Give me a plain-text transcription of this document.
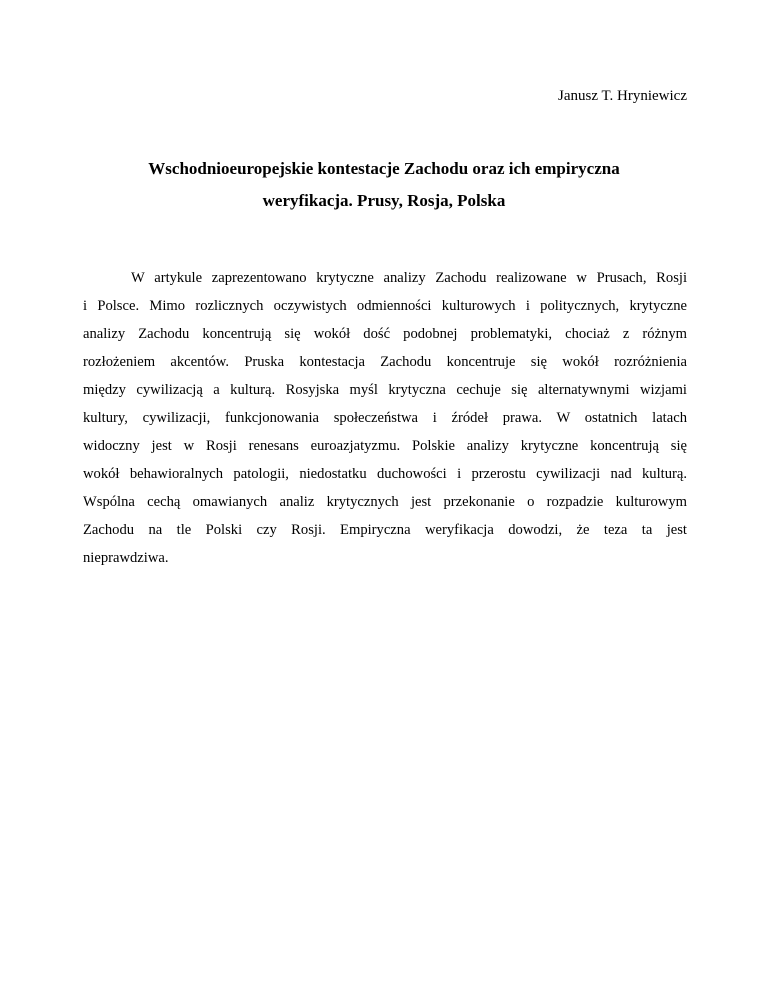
Janusz T. Hryniewicz
Wschodnioeuropejskie kontestacje Zachodu oraz ich empiryczna
weryfikacja. Prusy, Rosja, Polska
W artykule zaprezentowano krytyczne analizy Zachodu realizowane w Prusach, Rosji
i Polsce. Mimo rozlicznych oczywistych odmienności kulturowych i politycznych, krytyczne
analizy Zachodu koncentrują się wokół dość podobnej problematyki, chociaż z różnym
rozłożeniem akcentów. Pruska kontestacja Zachodu koncentruje się wokół rozróżnienia
między cywilizacją a kulturą. Rosyjska myśl krytyczna cechuje się alternatywnymi wizjami
kultury, cywilizacji, funkcjonowania społeczeństwa i źródeł prawa. W ostatnich latach
widoczny jest w Rosji renesans euroazjatyzmu. Polskie analizy krytyczne koncentrują się
wokół behawioralnych patologii, niedostatku duchowości i przerostu cywilizacji nad kulturą.
Wspólna cechą omawianych analiz krytycznych jest przekonanie o rozpadzie kulturowym
Zachodu na tle Polski czy Rosji. Empiryczna weryfikacja dowodzi, że teza ta jest
nieprawdziwa.
